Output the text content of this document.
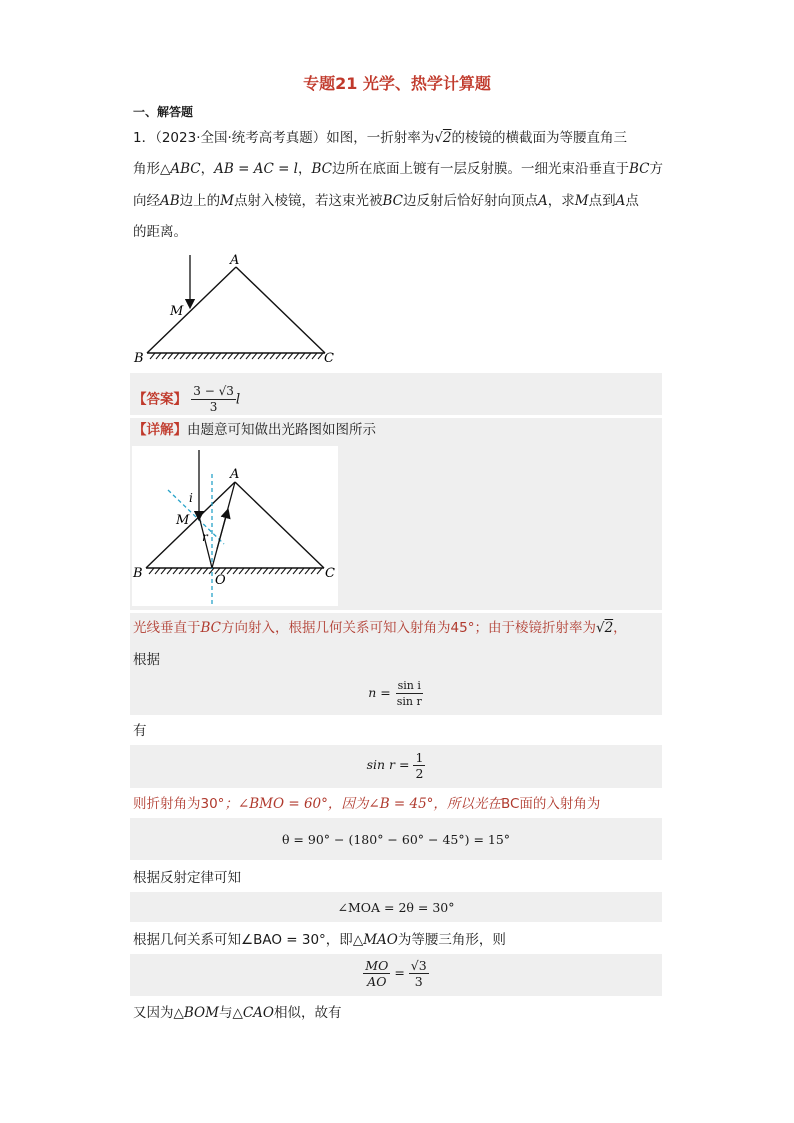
专题21 光学、热学计算题
一、解答题
1．（2023·全国·统考高考真题）如图，一折射率为√2的棱镜的横截面为等腰直角三
角形△ABC，AB = AC = l，BC边所在底面上镀有一层反射膜。一细光束沿垂直于BC方
向经AB边上的M点射入棱镜，若这束光被BC边反射后恰好射向顶点A，求M点到A点
的距离。
A
B	C
M
【答案】 $\frac{3 - √3}{3}$ l
【详解】由题意可知做出光路图如图所示
A
B	C
M
O
i
r
光线垂直于BC方向射入，根据几何关系可知入射角为45°；由于棱镜折射率为√2，
根据
$n = \frac{\text{sin i}}{\text{sin r}}$
有
$\sin r = \frac{1}{2}$
则折射角为30°；∠BMO = 60°，因为∠B = 45°，所以光在BC面的入射角为
θ = 90° − (180° − 60° − 45°) = 15°
根据反射定律可知
∠MOA = 2θ = 30°
根据几何关系可知∠BAO = 30°，即△MAO为等腰三角形，则
$\frac{MO}{AO} = \frac{√3}{3}$
又因为△BOM与△CAO相似，故有
